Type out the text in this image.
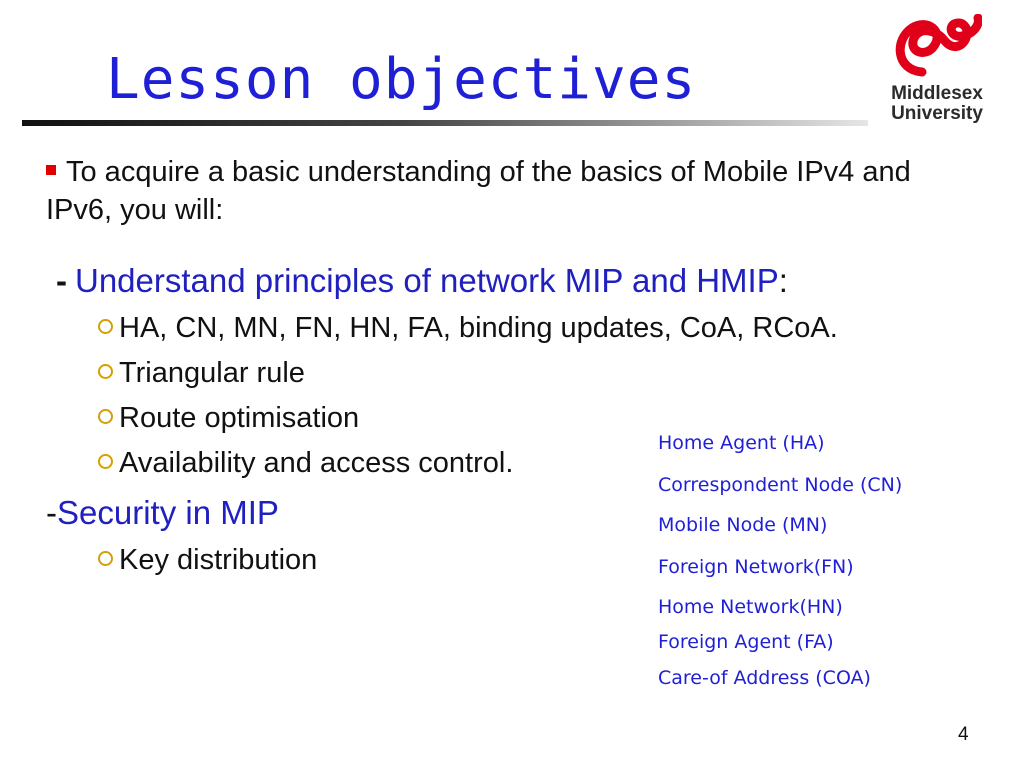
Lesson objectives	Middlesex
University
To acquire a basic understanding of the basics of Mobile IPv4 and IPv6, you will:
- Understand principles of network MIP and HMIP:
HA, CN, MN, FN, HN, FA, binding updates, CoA, RCoA.
Triangular rule
Route optimisation
Availability and access control.
-Security in MIP
Key distribution
Home Agent (HA)
Correspondent Node (CN)
Mobile Node (MN)
Foreign Network(FN)
Home Network(HN)
Foreign Agent (FA)
Care-of Address (COA)
4
